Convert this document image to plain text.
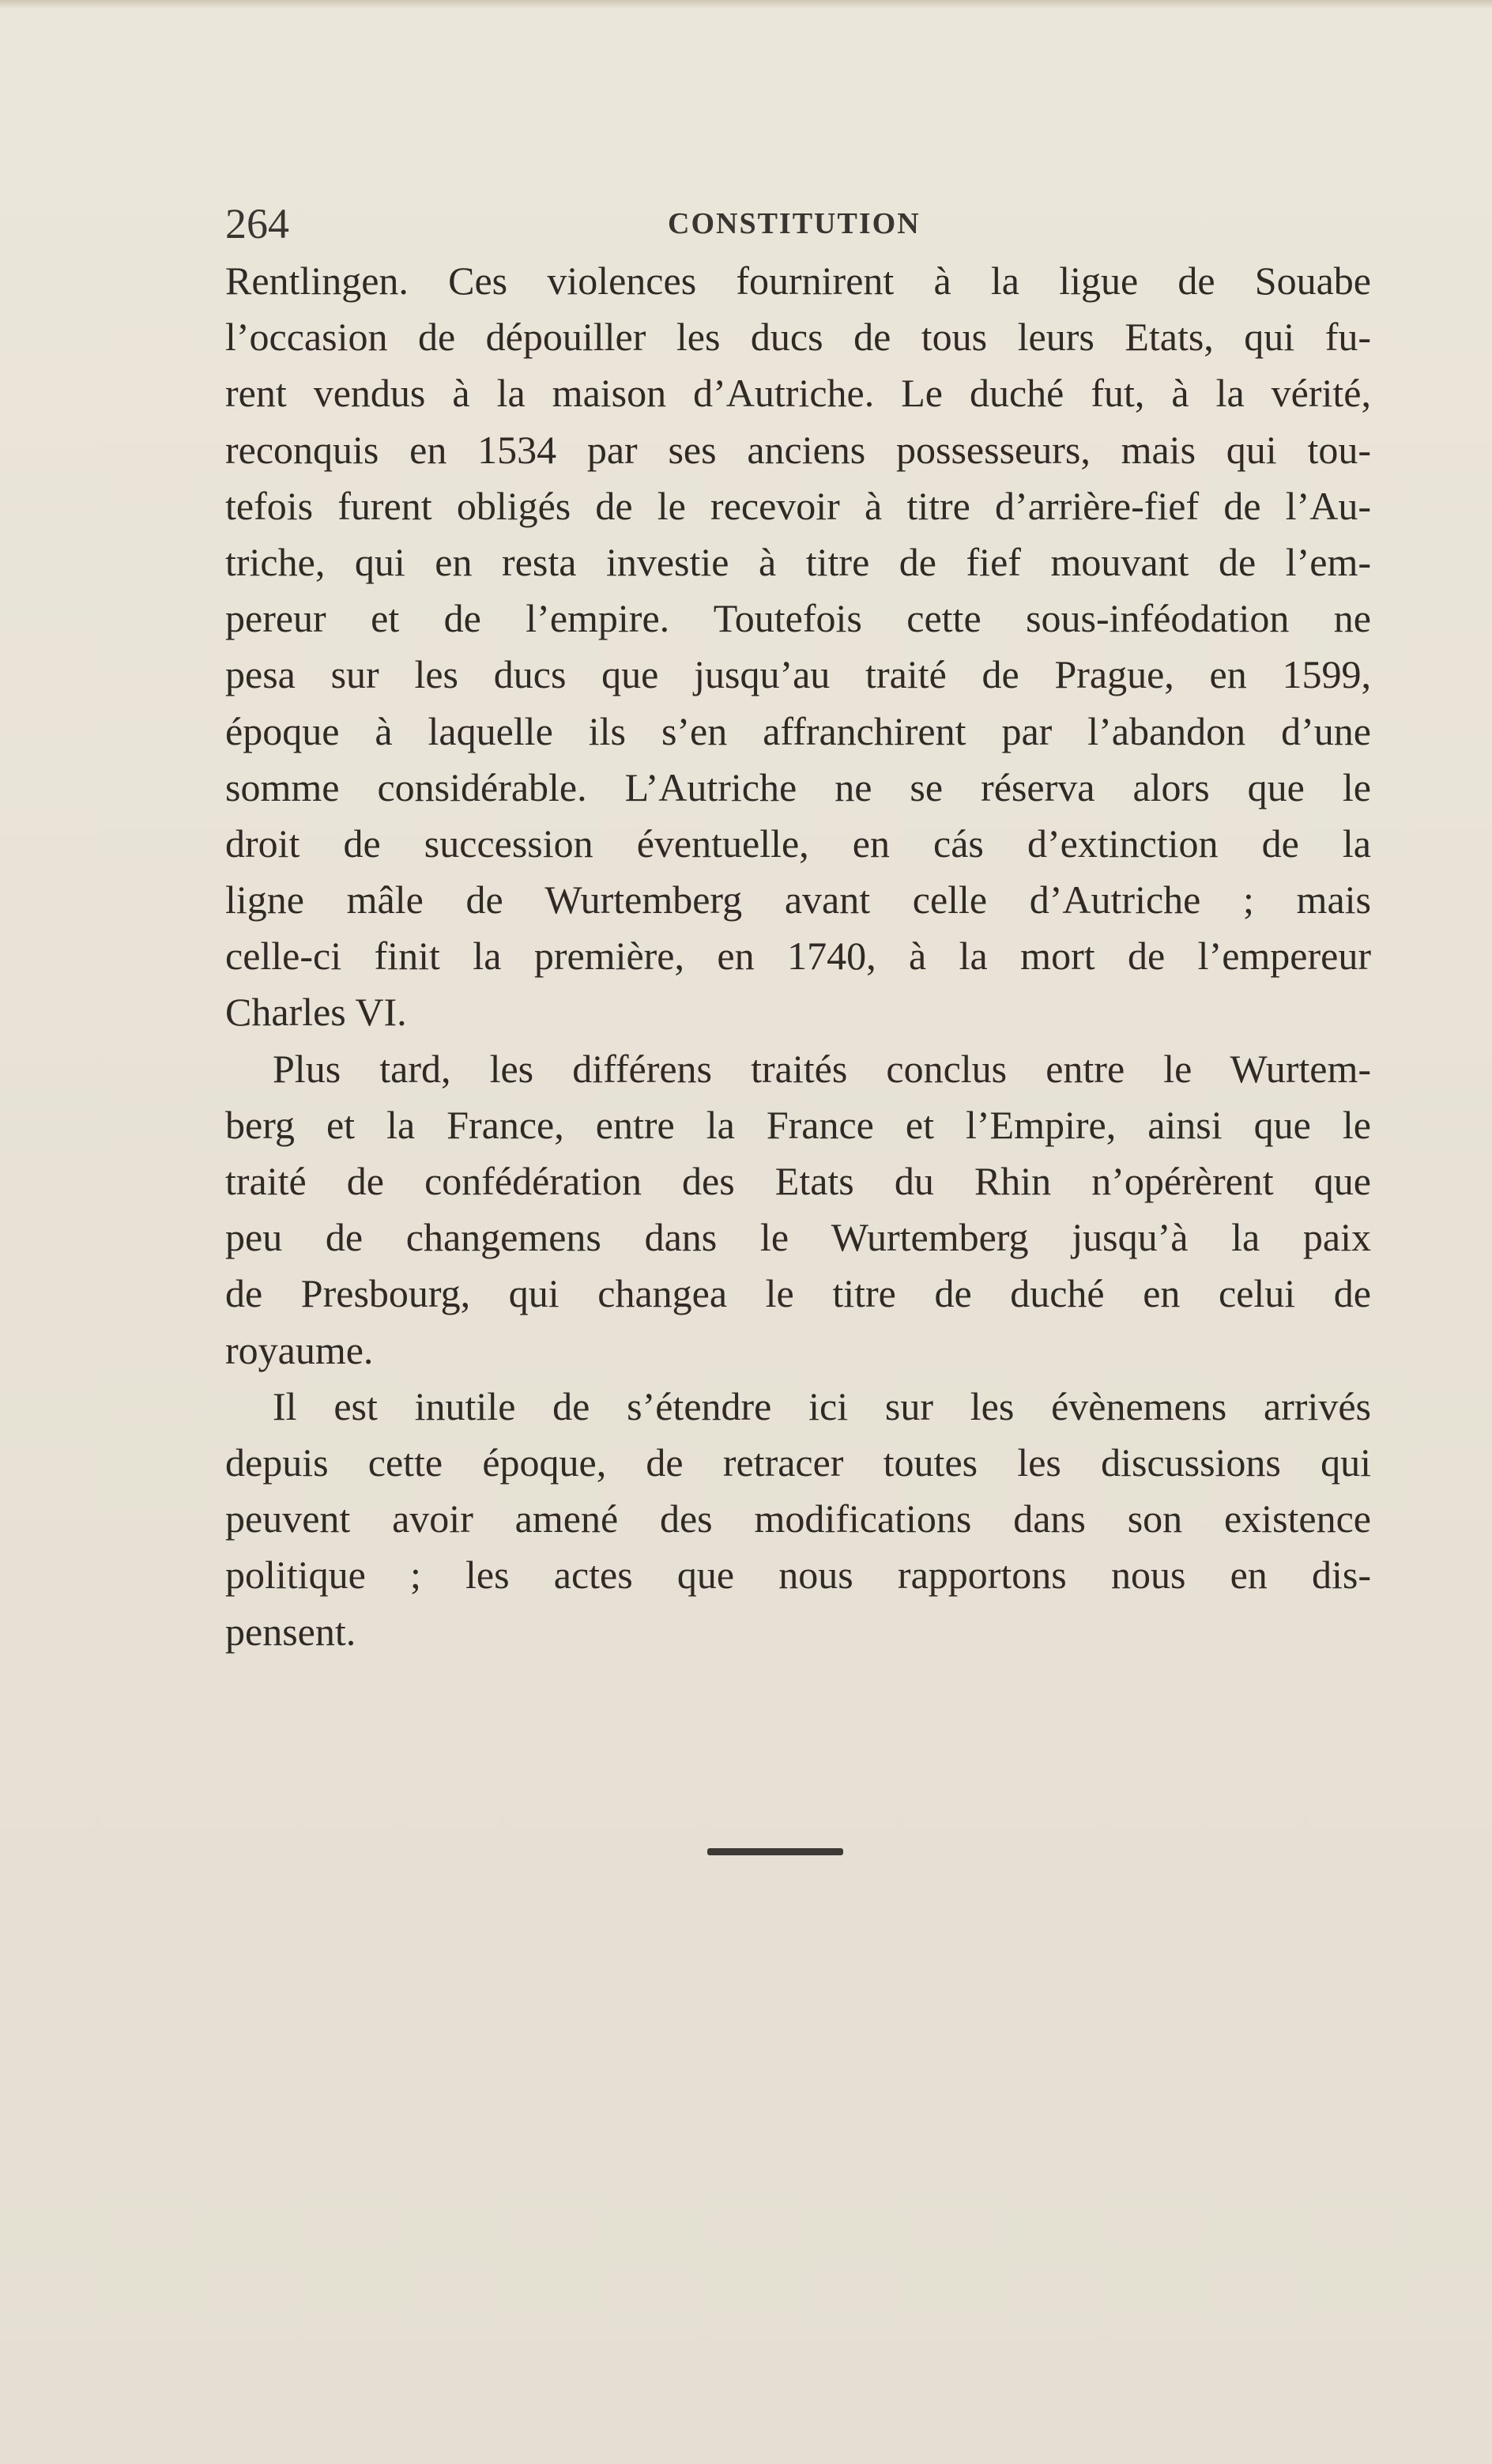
264	CONSTITUTION
Rentlingen. Ces violences fournirent à la ligue de Souabe
l’occasion de dépouiller les ducs de tous leurs Etats, qui fu-
rent vendus à la maison d’Autriche. Le duché fut, à la vérité,
reconquis en 1534 par ses anciens possesseurs, mais qui tou-
tefois furent obligés de le recevoir à titre d’arrière-fief de l’Au-
triche, qui en resta investie à titre de fief mouvant de l’em-
pereur et de l’empire. Toutefois cette sous-inféodation ne
pesa sur les ducs que jusqu’au traité de Prague, en 1599,
époque à laquelle ils s’en affranchirent par l’abandon d’une
somme considérable. L’Autriche ne se réserva alors que le
droit de succession éventuelle, en cás d’extinction de la
ligne mâle de Wurtemberg avant celle d’Autriche ; mais
celle-ci finit la première, en 1740, à la mort de l’empereur
Charles VI.
Plus tard, les différens traités conclus entre le Wurtem-
berg et la France, entre la France et l’Empire, ainsi que le
traité de confédération des Etats du Rhin n’opérèrent que
peu de changemens dans le Wurtemberg jusqu’à la paix
de Presbourg, qui changea le titre de duché en celui de
royaume.
Il est inutile de s’étendre ici sur les évènemens arrivés
depuis cette époque, de retracer toutes les discussions qui
peuvent avoir amené des modifications dans son existence
politique ; les actes que nous rapportons nous en dis-
pensent.
